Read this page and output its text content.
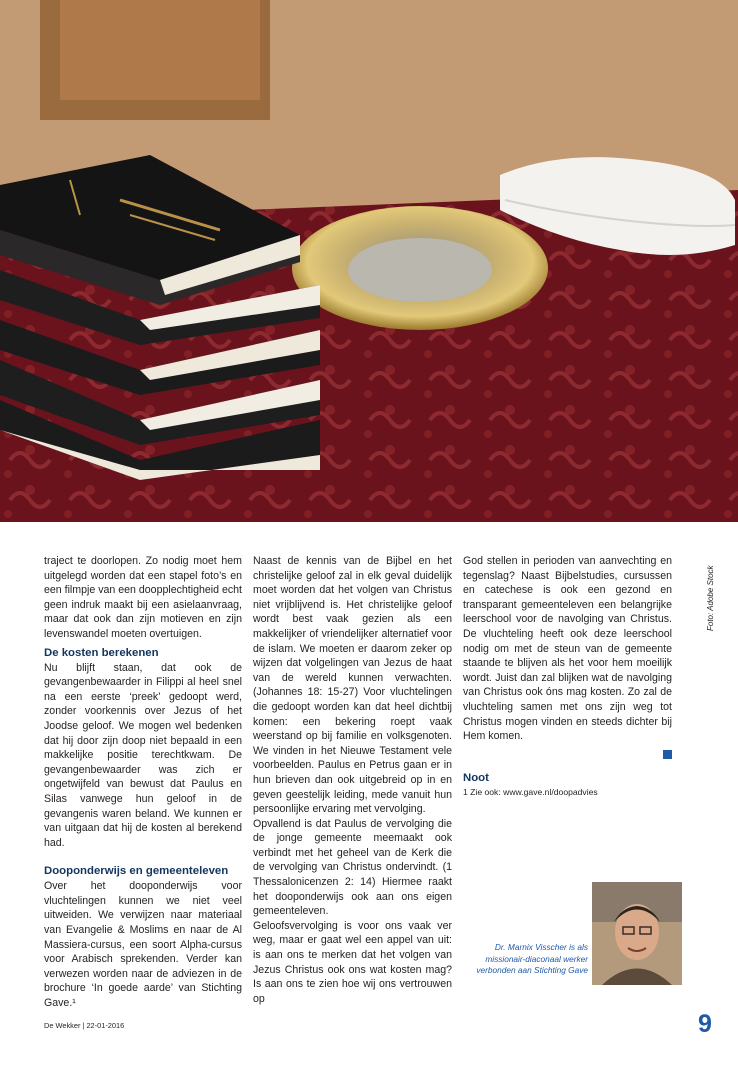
Foto: Adobe Stock

traject te doorlopen. Zo nodig moet hem uitgelegd worden dat een stapel foto’s en een filmpje van een doopplechtigheid echt geen indruk maakt bij een asielaanvraag, maar dat ook dan zijn motieven en zijn levenswandel moeten overtuigen.

De kosten berekenen

Nu blijft staan, dat ook de gevangenbewaarder in Filippi al heel snel na een eerste ‘preek’ gedoopt werd, zonder voorkennis over Jezus of het Joodse geloof. We mogen wel bedenken dat hij door zijn doop niet bepaald in een makkelijke positie terechtkwam. De gevangenbewaarder was zich er ongetwijfeld van bewust dat Paulus en Silas vanwege hun geloof in de gevangenis waren beland. We kunnen er van uitgaan dat hij de kosten al berekend had.

Dooponderwijs en gemeenteleven

Over het dooponderwijs voor vluchtelingen kunnen we niet veel uitweiden. We verwijzen naar materiaal van Evangelie & Moslims en naar de Al Massiera-cursus, een soort Alpha-cursus voor Arabisch sprekenden. Verder kan verwezen worden naar de adviezen in de brochure ‘In goede aarde’ van Stichting Gave.¹

Naast de kennis van de Bijbel en het christelijke geloof zal in elk geval duidelijk moet worden dat het volgen van Christus niet vrijblijvend is. Het christelijke geloof wordt best vaak gezien als een makkelijker of vriendelijker alternatief voor de islam. We moeten er daarom zeker op wijzen dat volgelingen van Jezus de haat van de wereld kunnen verwachten. (Johannes 18: 15-27) Voor vluchtelingen die gedoopt worden kan dat heel dichtbij komen: een bekering roept vaak weerstand op bij familie en volksgenoten. We vinden in het Nieuwe Testament vele voorbeelden. Paulus en Petrus gaan er in hun brieven dan ook uitgebreid op in en geven geestelijk leiding, mede vanuit hun persoonlijke ervaring met vervolging.

Opvallend is dat Paulus de vervolging die de jonge gemeente meemaakt ook verbindt met het geheel van de Kerk die de vervolging van Christus ondervindt. (1 Thessalonicenzen 2: 14) Hiermee raakt het dooponderwijs ook aan ons eigen gemeenteleven.

Geloofsvervolging is voor ons vaak ver weg, maar er gaat wel een appel van uit: is aan ons te merken dat het volgen van Jezus Christus ook ons wat kosten mag? Is aan ons te zien hoe wij ons vertrouwen op

God stellen in perioden van aanvechting en tegenslag? Naast Bijbelstudies, cursussen en catechese is ook een gezond en transparant gemeenteleven een belangrijke leerschool voor de navolging van Christus. De vluchteling heeft ook deze leerschool nodig om met de steun van de gemeente staande te blijven als het voor hem moeilijk wordt. Juist dan zal blijken wat de navolging van Christus ook óns mag kosten. Zo zal de vluchteling samen met ons zijn weg tot Christus mogen vinden en steeds dichter bij Hem komen.

Noot

1 Zie ook: www.gave.nl/doopadvies

Dr. Marnix Visscher is als missionair-diaconaal werker verbonden aan Stichting Gave
De Wekker | 22-01-2016	9
